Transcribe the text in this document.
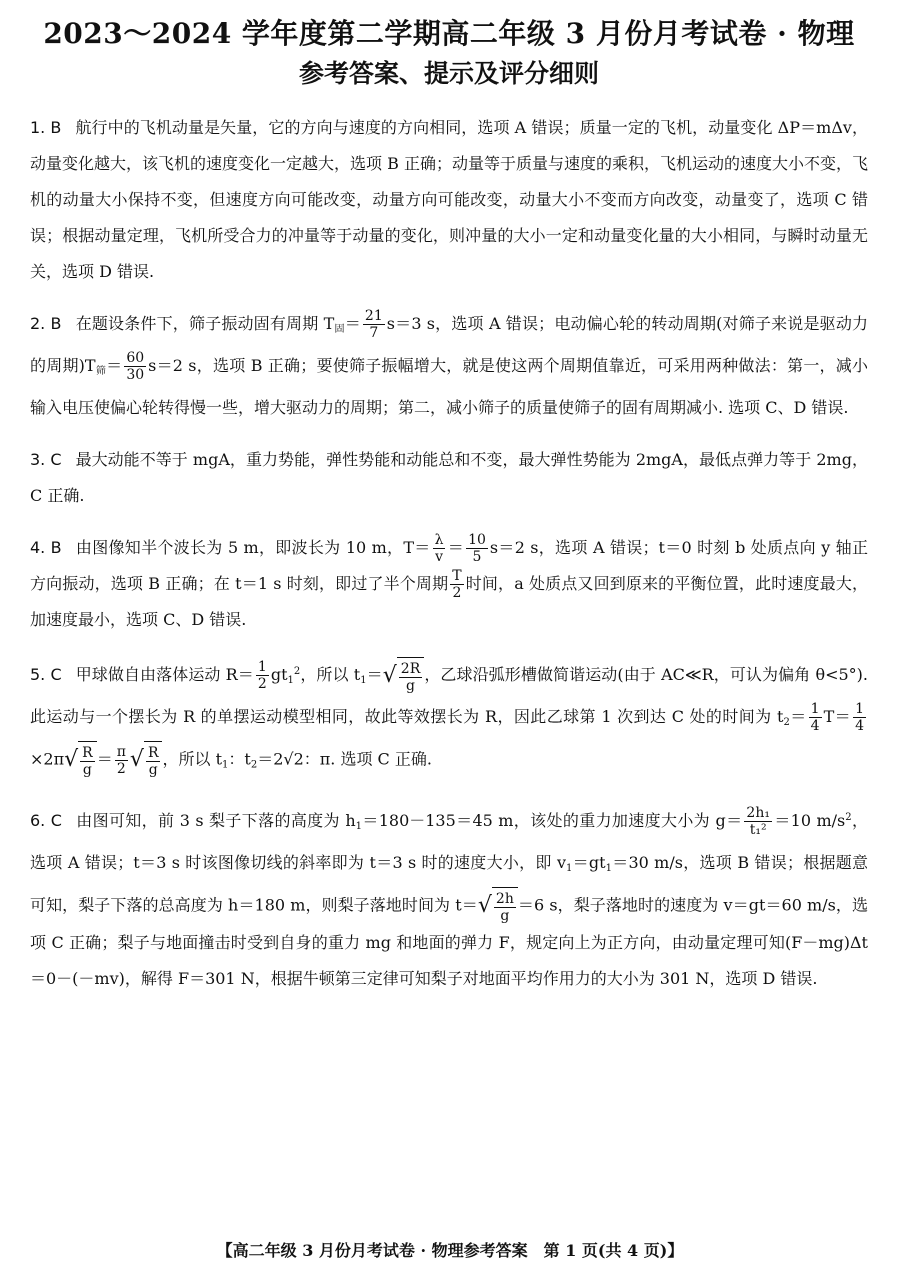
2023～2024 学年度第二学期高二年级 3 月份月考试卷 · 物理
参考答案、提示及评分细则

1. B 航行中的飞机动量是矢量，它的方向与速度的方向相同，选项 A 错误；质量一定的飞机，动量变化 ΔP＝mΔv，动量变化越大，该飞机的速度变化一定越大，选项 B 正确；动量等于质量与速度的乘积，飞机运动的速度大小不变，飞机的动量大小保持不变，但速度方向可能改变，动量方向可能改变，动量大小不变而方向改变，动量变了，选项 C 错误；根据动量定理，飞机所受合力的冲量等于动量的变化，则冲量的大小一定和动量变化量的大小相同，与瞬时动量无关，选项 D 错误.

2. B 在题设条件下，筛子振动固有周期 $T_固= \frac{21}{7} s=3$ s，选项 A 错误；电动偏心轮的转动周期(对筛子来说是驱动力的周期)$T_筛= \frac{60}{30} s=2$ s，选项 B 正确；要使筛子振幅增大，就是使这两个周期值靠近，可采用两种做法：第一，减小输入电压使偏心轮转得慢一些，增大驱动力的周期；第二，减小筛子的质量使筛子的固有周期减小. 选项 C、D 错误.

3. C 最大动能不等于 mgA，重力势能，弹性势能和动能总和不变，最大弹性势能为 2mgA，最低点弹力等于 2mg，C 正确.

4. B 由图像知半个波长为 5 m，即波长为 10 m，$T= \frac{\lambda}{v} = \frac{10}{5} s=2$ s，选项 A 错误；t＝0 时刻 b 处质点向 y 轴正方向振动，选项 B 正确；在 t＝1 s 时刻，即过了半个周期 $\frac{T}{2}$ 时间，a 处质点又回到原来的平衡位置，此时速度最大，加速度最小，选项 C、D 错误.

5. C 甲球做自由落体运动 $R= \frac{1}{2} gt_1^2$，所以 $t_1=√ \frac{2R}{g}$ ，乙球沿弧形槽做简谐运动(由于 AC≪R，可认为偏角 θ<5°). 此运动与一个摆长为 R 的单摆运动模型相同，故此等效摆长为 R，因此乙球第 1 次到达 C 处的时间为 $t_2= \frac{1}{4} T= \frac{1}{4}$
$\times 2\pi√ \frac{R}{g} = \frac{\pi}{2}$ √ $\frac{R}{g}$ ，所以 $t_1$：$t_2=2√2$：π. 选项 C 正确.

6. C 由图可知，前 3 s 梨子下落的高度为 $h_1=180-135=45$ m，该处的重力加速度大小为 $g= \frac{\text{2h₁}}{\text{t₁²}} =10$ $m/s^2$，选项 A 错误；t＝3 s 时该图像切线的斜率即为 t＝3 s 时的速度大小，即 $v_1=gt_1=30$ m/s，选项 B 错误；根据题意可知，梨子下落的总高度为 h＝180 m，则梨子落地时间为 $t=√ \frac{2h}{g} =6$ s，梨子落地时的速度为 v＝gt＝60 m/s，选项 C 正确；梨子与地面撞击时受到自身的重力 mg 和地面的弹力 F，规定向上为正方向，由动量定理可知(F－mg)Δt＝0－(－mv)，解得 F＝301 N，根据牛顿第三定律可知梨子对地面平均作用力的大小为 301 N，选项 D 错误.

【高二年级 3 月份月考试卷 · 物理参考答案　第 1 页(共 4 页)】
